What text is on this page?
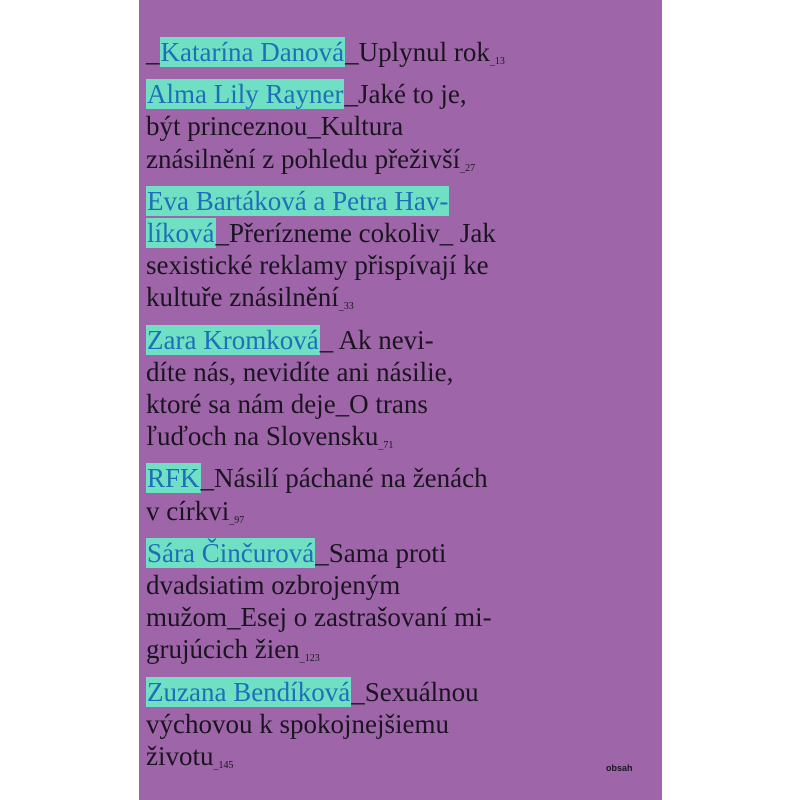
_Katarína Danová_Uplynul rok_13
Alma Lily Rayner_Jaké to je,
být princeznou_Kultura
znásilnění z pohledu přeživší_27
Eva Bartáková a Petra Hav-
líková_Přerízneme cokoliv_ Jak
sexistické reklamy přispívají ke
kultuře znásilnění_33
Zara Kromková_ Ak nevi-
díte nás, nevidíte ani násilie,
ktoré sa nám deje_O trans
ľuďoch na Slovensku_71
RFK_Násilí páchané na ženách
v církvi_97
Sára Činčurová_Sama proti
dvadsiatim ozbrojeným
mužom_Esej o zastrašovaní mi-
grujúcich žien_123
Zuzana Bendíková_Sexuálnou
výchovou k spokojnejšiemu
životu_145	obsah
